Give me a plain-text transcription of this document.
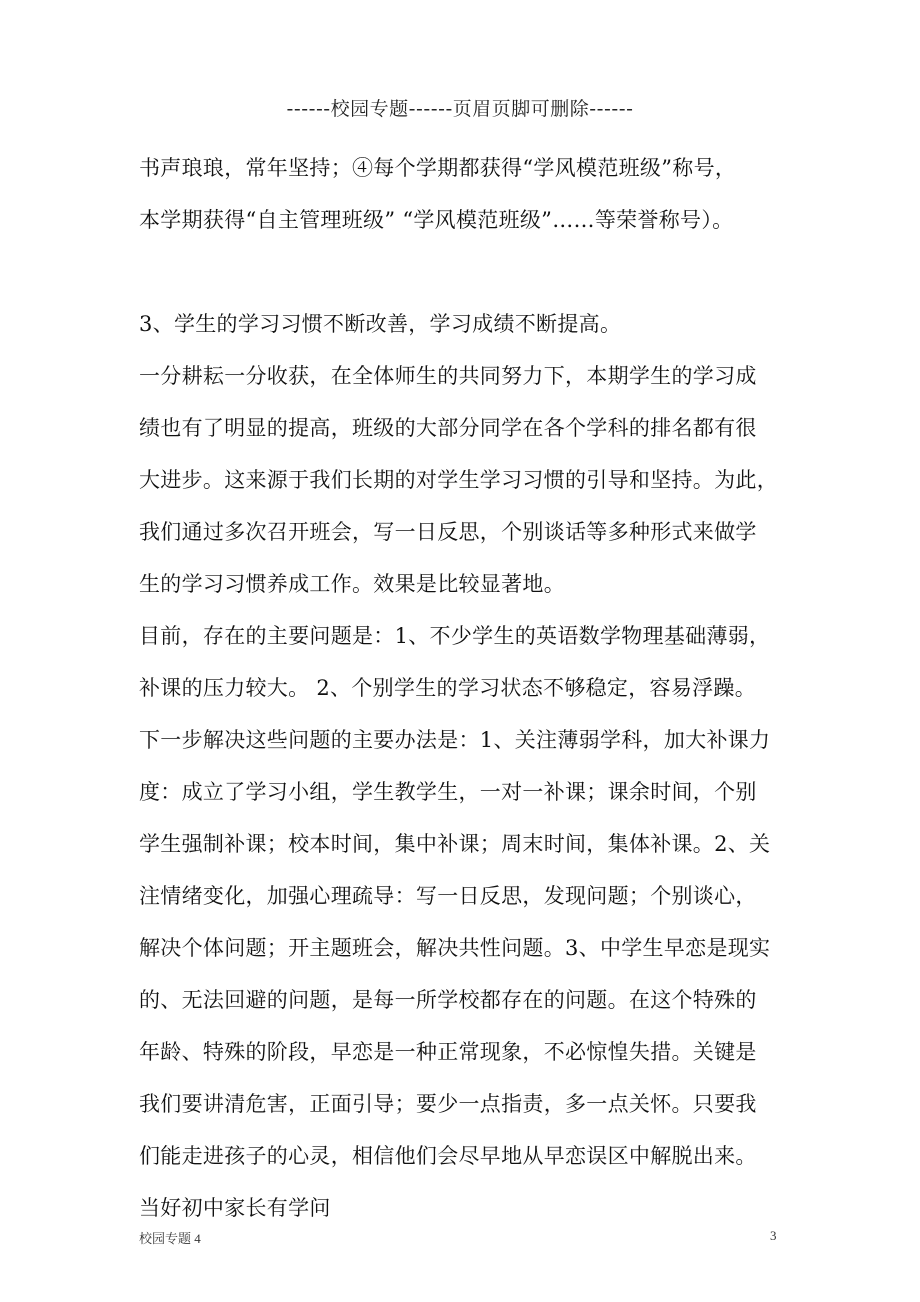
------校园专题------页眉页脚可删除------
书声琅琅，常年坚持；④每个学期都获得“学风模范班级”称号，
本学期获得“自主管理班级” “学风模范班级”……等荣誉称号）。
3、学生的学习习惯不断改善，学习成绩不断提高。
一分耕耘一分收获，在全体师生的共同努力下，本期学生的学习成
绩也有了明显的提高，班级的大部分同学在各个学科的排名都有很
大进步。这来源于我们长期的对学生学习习惯的引导和坚持。为此，
我们通过多次召开班会，写一日反思，个别谈话等多种形式来做学
生的学习习惯养成工作。效果是比较显著地。
目前，存在的主要问题是：1、不少学生的英语数学物理基础薄弱，
补课的压力较大。 2、个别学生的学习状态不够稳定，容易浮躁。
下一步解决这些问题的主要办法是：1、关注薄弱学科，加大补课力
度：成立了学习小组，学生教学生，一对一补课；课余时间，个别
学生强制补课；校本时间，集中补课；周末时间，集体补课。2、关
注情绪变化，加强心理疏导：写一日反思，发现问题；个别谈心，
解决个体问题；开主题班会，解决共性问题。3、中学生早恋是现实
的、无法回避的问题，是每一所学校都存在的问题。在这个特殊的
年龄、特殊的阶段，早恋是一种正常现象，不必惊惶失措。关键是
我们要讲清危害，正面引导；要少一点指责，多一点关怀。只要我
们能走进孩子的心灵，相信他们会尽早地从早恋误区中解脱出来。
当好初中家长有学问
校园专题 4	3
